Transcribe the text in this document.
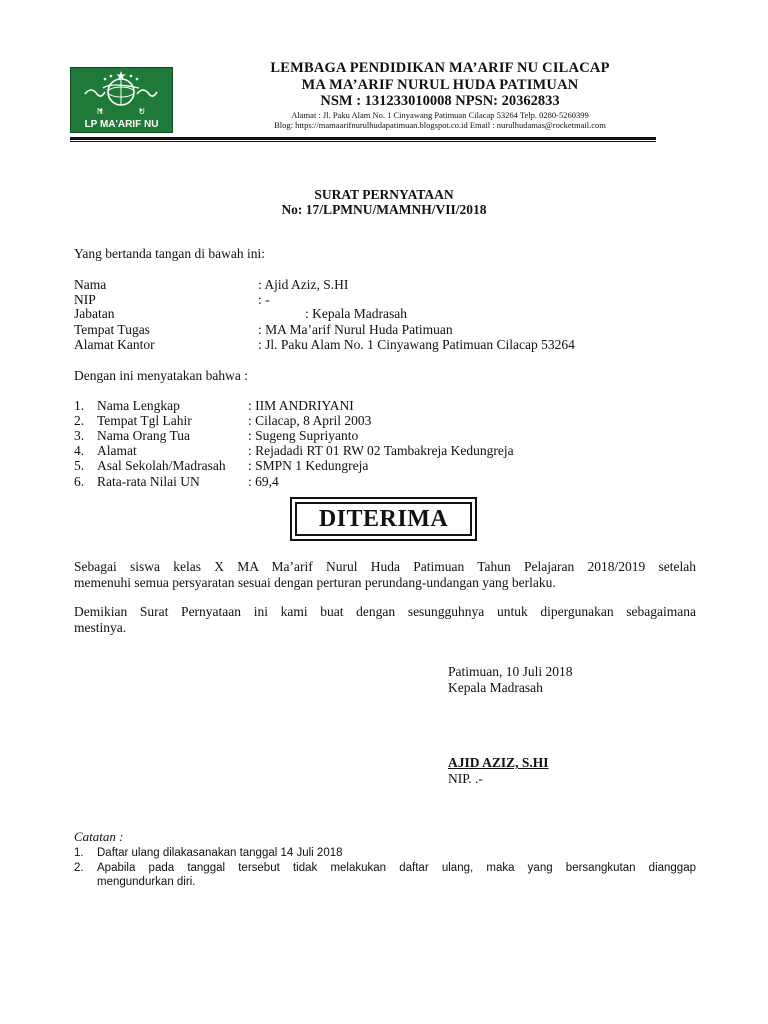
N	U
LP MA'ARIF NU
LEMBAGA PENDIDIKAN MA’ARIF NU CILACAP
MA MA’ARIF NURUL HUDA PATIMUAN
NSM : 131233010008 NPSN: 20362833
Alamat : Jl. Paku Alam No. 1 Cinyawang Patimuan Cilacap 53264 Telp. 0280-5260399
Blog: https://mamaarifnurulhudapatimuan.blogspot.co.id Email : nurulhudamas@rocketmail.com
SURAT PERNYATAAN
No: 17/LPMNU/MAMNH/VII/2018
Yang bertanda tangan di bawah ini:
Nama	: Ajid Aziz, S.HI
NIP	: -
Jabatan	: Kepala Madrasah
Tempat Tugas	: MA Ma’arif Nurul Huda Patimuan
Alamat Kantor	: Jl. Paku Alam No. 1 Cinyawang Patimuan Cilacap 53264
Dengan ini menyatakan bahwa :
1. Nama Lengkap	: IIM ANDRIYANI
2. Tempat Tgl Lahir	: Cilacap, 8 April 2003
3. Nama Orang Tua	: Sugeng Supriyanto
4. Alamat	: Rejadadi RT 01 RW 02 Tambakreja Kedungreja
5. Asal Sekolah/Madrasah : SMPN 1 Kedungreja
6. Rata-rata Nilai UN	: 69,4
DITERIMA
Sebagai siswa kelas X MA Ma’arif Nurul Huda Patimuan Tahun Pelajaran 2018/2019 setelah
memenuhi semua persyaratan sesuai dengan perturan perundang-undangan yang berlaku.
Demikian Surat Pernyataan ini kami buat dengan sesungguhnya untuk dipergunakan sebagaimana
mestinya.
Patimuan, 10 Juli 2018
Kepala Madrasah
AJID AZIZ, S.HI
NIP. .-
Catatan :
1. Daftar ulang dilakasanakan tanggal 14 Juli 2018
2. Apabila pada tanggal tersebut tidak melakukan daftar ulang, maka yang bersangkutan dianggap
mengundurkan diri.
